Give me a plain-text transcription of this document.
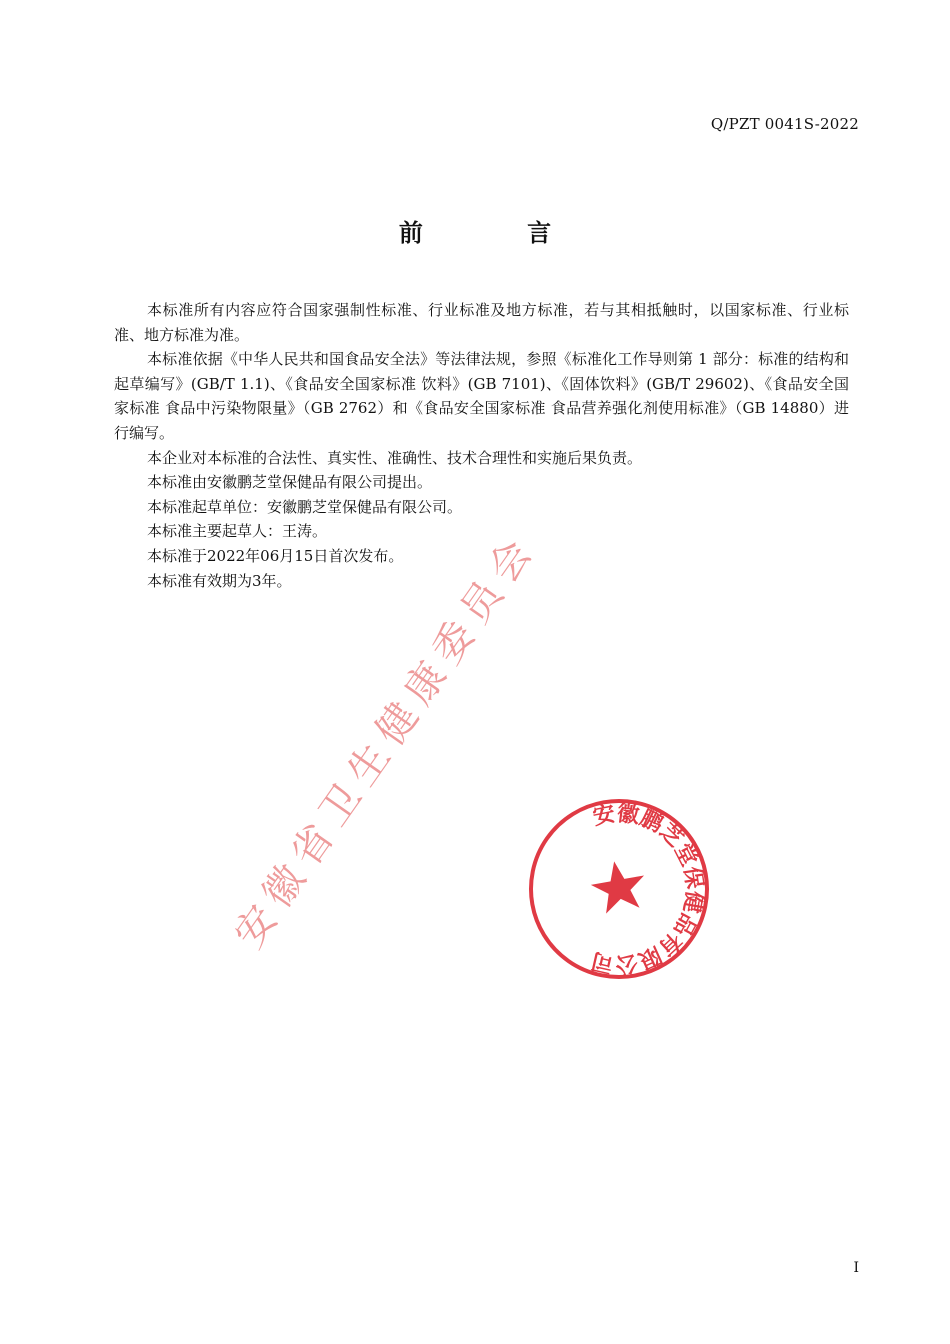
Q/PZT 0041S-2022
前 言

本标准所有内容应符合国家强制性标准、行业标准及地方标准，若与其相抵触时，以国家标准、行业标准、地方标准为准。

本标准依据《中华人民共和国食品安全法》等法律法规，参照《标准化工作导则第 1 部分：标准的结构和起草编写》(GB/T 1.1)、《食品安全国家标准 饮料》(GB 7101)、《固体饮料》(GB/T 29602)、《食品安全国家标准 食品中污染物限量》（GB 2762）和《食品安全国家标准 食品营养强化剂使用标准》（GB 14880）进行编写。

本企业对本标准的合法性、真实性、准确性、技术合理性和实施后果负责。

本标准由安徽鹏芝堂保健品有限公司提出。

本标准起草单位：安徽鹏芝堂保健品有限公司。

本标准主要起草人：王涛。

本标准于2022年06月15日首次发布。

本标准有效期为3年。

安
徽
省
卫
生
健
康
委
员
会
安徽鹏芝堂保健品有限公司
I
